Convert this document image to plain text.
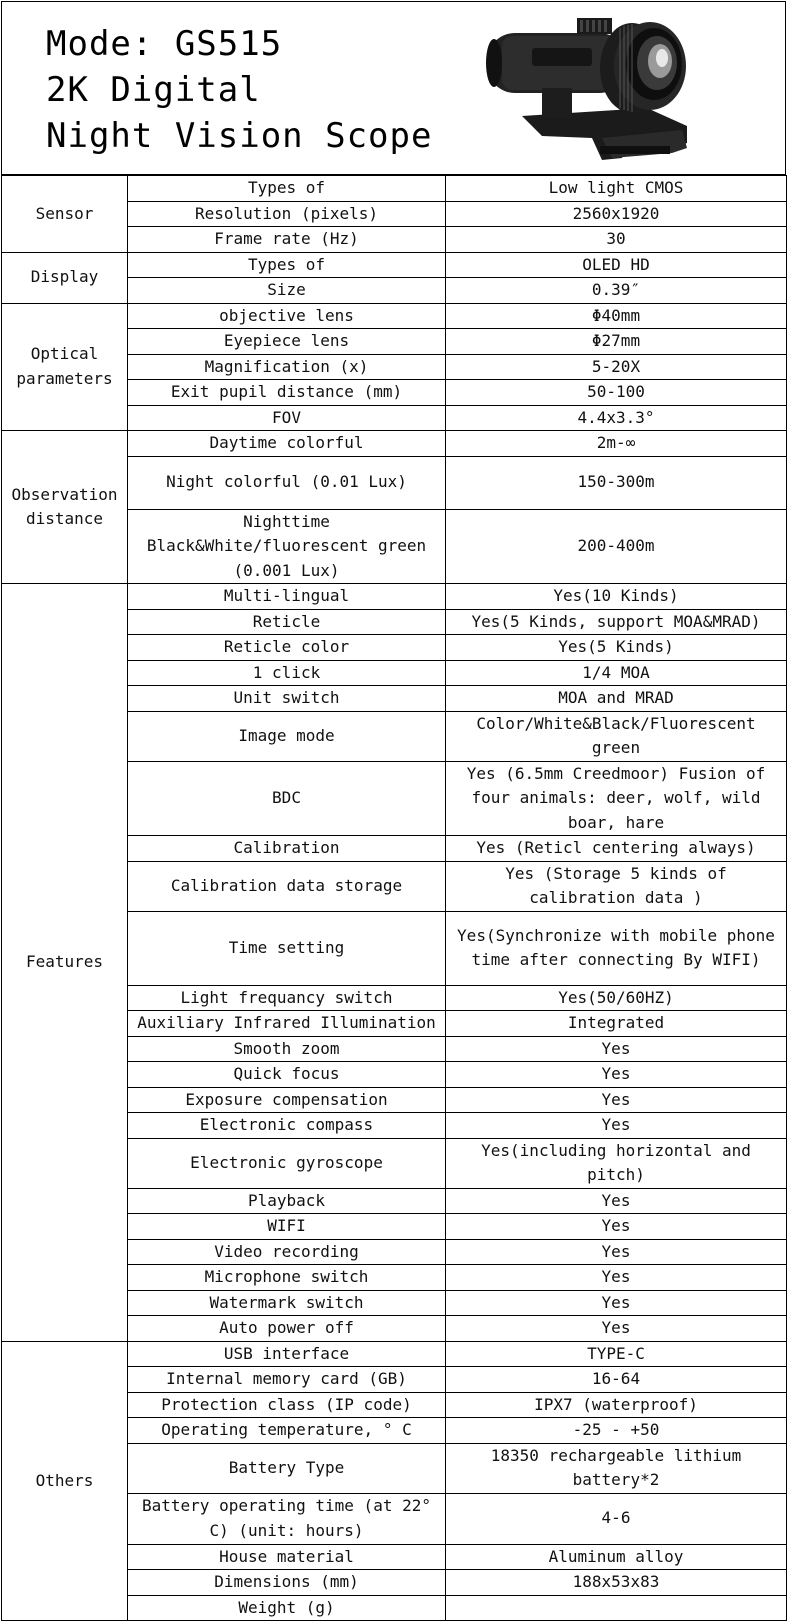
Mode: GS515
2K Digital
Night Vision Scope
Sensor	Types of	Low light CMOS
	Resolution (pixels)	2560x1920
	Frame rate (Hz)	30
Display	Types of	OLED HD
	Size	0.39″
Optical parameters	objective lens	Φ40mm
	Eyepiece lens	Φ27mm
	Magnification (x)	5-20X
	Exit pupil distance (mm)	50-100
	FOV	4.4x3.3°
Observation distance	Daytime colorful	2m-∞
	Night colorful (0.01 Lux)	150-300m
	Nighttime Black&White/fluorescent green (0.001 Lux)	200-400m
Features	Multi-lingual	Yes(10 Kinds)
	Reticle	Yes(5 Kinds, support MOA&MRAD)
	Reticle color	Yes(5 Kinds)
	1 click	1/4 MOA
	Unit switch	MOA and MRAD
	Image mode	Color/White&Black/Fluorescent green
	BDC	Yes (6.5mm Creedmoor) Fusion of four animals: deer, wolf, wild boar, hare
	Calibration	Yes (Reticl centering always)
	Calibration data storage	Yes (Storage 5 kinds of calibration data )
	Time setting	Yes(Synchronize with mobile phone time after connecting By WIFI)
	Light frequancy switch	Yes(50/60HZ)
	Auxiliary Infrared Illumination	Integrated
	Smooth zoom	Yes
	Quick focus	Yes
	Exposure compensation	Yes
	Electronic compass	Yes
	Electronic gyroscope	Yes(including horizontal and pitch)
	Playback	Yes
	WIFI	Yes
	Video recording	Yes
	Microphone switch	Yes
	Watermark switch	Yes
	Auto power off	Yes
Others	USB interface	TYPE-C
	Internal memory card (GB)	16-64
	Protection class (IP code)	IPX7 (waterproof)
	Operating temperature, ° C	-25 - +50
	Battery Type	18350 rechargeable lithium battery*2
	Battery operating time (at 22° C) (unit: hours)	4-6
	House material	Aluminum alloy
	Dimensions (mm)	188x53x83
	Weight (g)	
